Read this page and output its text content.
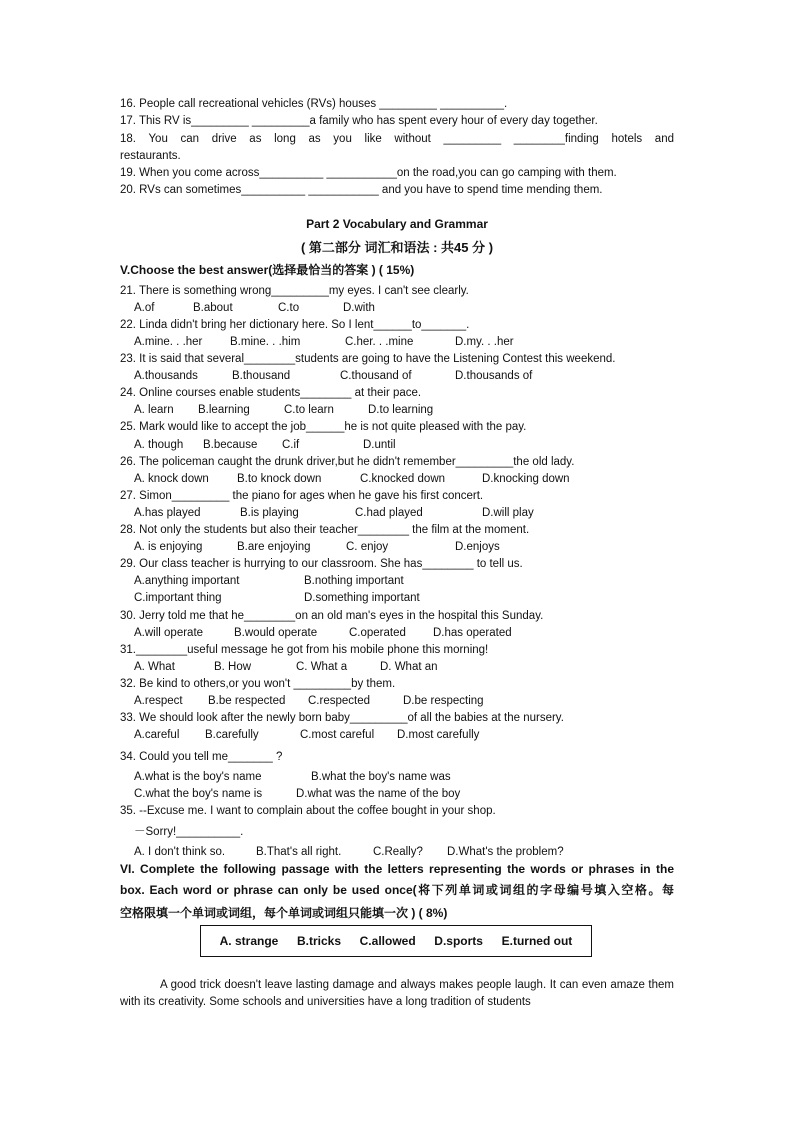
16. People call recreational vehicles (RVs) houses _________ __________.
17. This RV is_________ _________a family who has spent every hour of every day together.
18. You can drive as long as you like without _________ ________finding hotels and
restaurants.
19. When you come across__________ ___________on the road,you can go camping with them.
20. RVs can sometimes__________ ___________ and you have to spend time mending them.
Part 2 Vocabulary and Grammar
( 第二部分 词汇和语法 : 共45 分 )
V.Choose the best answer(选择最恰当的答案 ) ( 15%)
21. There is something wrong_________my eyes. I can't see clearly.
A.of	B.about	C.to	D.with
22. Linda didn't bring her dictionary here. So I lent______to_______.
A.mine. . .her B.mine. . .him	C.her. . .mine	D.my. . .her
23. It is said that several________students are going to have the Listening Contest this weekend.
A.thousands	B.thousand	C.thousand of	D.thousands of
24. Online courses enable students________ at their pace.
A. learn B.learning	C.to learn	D.to learning
25. Mark would like to accept the job______he is not quite pleased with the pay.
A. though B.because C.if	D.until
26. The policeman caught the drunk driver,but he didn't remember_________the old lady.
A. knock down B.to knock down	C.knocked down	D.knocking down
27. Simon_________ the piano for ages when he gave his first concert.
A.has played	B.is playing	C.had played	D.will play
28. Not only the students but also their teacher________ the film at the moment.
A. is enjoying	B.are enjoying	C. enjoy	D.enjoys
29. Our class teacher is hurrying to our classroom. She has________ to tell us.
A.anything important	B.nothing important
C.important thing	D.something important
30. Jerry told me that he________on an old man's eyes in the hospital this Sunday.
A.will operate	B.would operate	C.operated D.has operated
31.________useful message he got from his mobile phone this morning!
A. What	B. How	C. What a	D. What an
32. Be kind to others,or you won't _________by them.
A.respect B.be respected C.respected	D.be respecting
33. We should look after the newly born baby_________of all the babies at the nursery.
A.careful B.carefully	C.most careful D.most carefully
34. Could you tell me_______ ?
A.what is the boy's name	B.what the boy's name was
C.what the boy's name is	D.what was the name of the boy
35. --Excuse me. I want to complain about the coffee bought in your shop.
－Sorry!__________.
A. I don't think so.	B.That's all right.	C.Really? D.What's the problem?
VI. Complete the following passage with the letters representing the words or phrases in the
box. Each word or phrase can only be used once(将下列单词或词组的字母编号填入空格。每
空格限填一个单词或词组，每个单词或词组只能填一次 ) ( 8%)
A. strange B.tricks C.allowed D.sports E.turned out
A good trick doesn't leave lasting damage and always makes people laugh. It can even amaze them with its creativity. Some schools and universities have a long tradition of students
